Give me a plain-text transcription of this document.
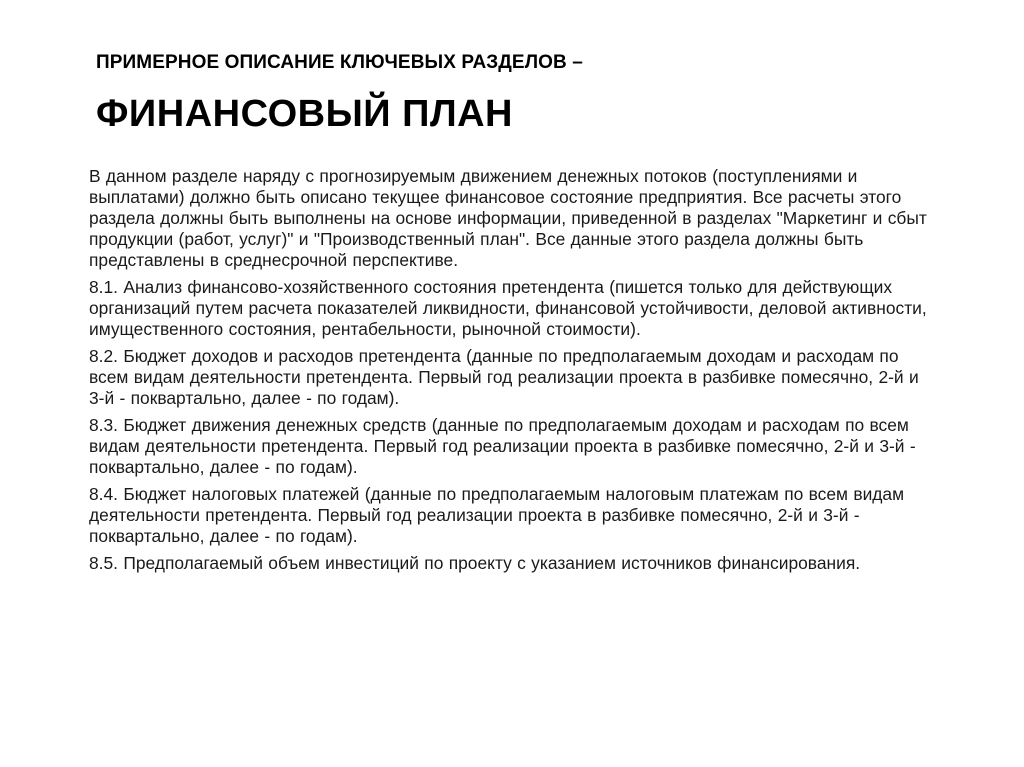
ПРИМЕРНОЕ ОПИСАНИЕ КЛЮЧЕВЫХ РАЗДЕЛОВ –
ФИНАНСОВЫЙ ПЛАН

В данном разделе наряду с прогнозируемым движением денежных потоков (поступлениями и выплатами) должно быть описано текущее финансовое состояние предприятия. Все расчеты этого раздела должны быть выполнены на основе информации, приведенной в разделах "Маркетинг и сбыт продукции (работ, услуг)" и "Производственный план". Все данные этого раздела должны быть представлены в среднесрочной перспективе.

8.1. Анализ финансово-хозяйственного состояния претендента (пишется только для действующих организаций путем расчета показателей ликвидности, финансовой устойчивости, деловой активности, имущественного состояния, рентабельности, рыночной стоимости).

8.2. Бюджет доходов и расходов претендента (данные по предполагаемым доходам и расходам по всем видам деятельности претендента. Первый год реализации проекта в разбивке помесячно, 2-й и 3-й - поквартально, далее - по годам).

8.3. Бюджет движения денежных средств (данные по предполагаемым доходам и расходам по всем видам деятельности претендента. Первый год реализации проекта в разбивке помесячно, 2-й и 3-й - поквартально, далее - по годам).

8.4. Бюджет налоговых платежей (данные по предполагаемым налоговым платежам по всем видам деятельности претендента. Первый год реализации проекта в разбивке помесячно, 2-й и 3-й - поквартально, далее - по годам).

8.5. Предполагаемый объем инвестиций по проекту с указанием источников финансирования.
